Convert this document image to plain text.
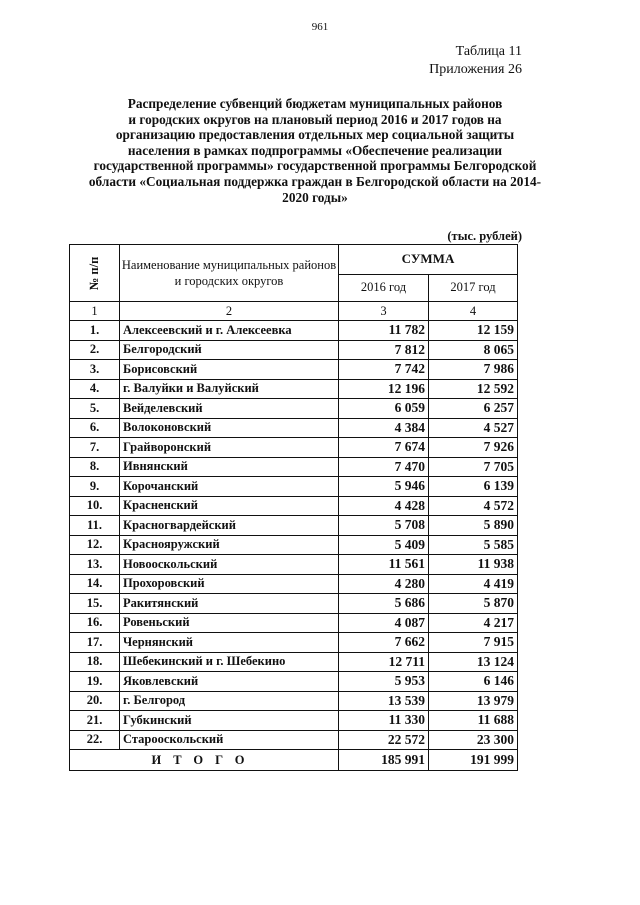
961
Таблица 11
Приложения 26
Распределение субвенций бюджетам муниципальных районов
и городских округов на плановый период 2016 и 2017 годов на
организацию предоставления отдельных мер социальной защиты
населения в рамках подпрограммы «Обеспечение реализации
государственной программы» государственной программы Белгородской
области «Социальная поддержка граждан в Белгородской области на 2014-
2020 годы»
(тыс. рублей)
№ п/п	Наименование муниципальных районов и городских округов	СУММА	
		2016 год	2017 год
1	2	3	4
1.	Алексеевский и г. Алексеевка	11 782	12 159
2.	Белгородский	7 812	8 065
3.	Борисовский	7 742	7 986
4.	г. Валуйки и Валуйский	12 196	12 592
5.	Вейделевский	6 059	6 257
6.	Волоконовский	4 384	4 527
7.	Грайворонский	7 674	7 926
8.	Ивнянский	7 470	7 705
9.	Корочанский	5 946	6 139
10.	Красненский	4 428	4 572
11.	Красногвардейский	5 708	5 890
12.	Краснояружский	5 409	5 585
13.	Новооскольский	11 561	11 938
14.	Прохоровский	4 280	4 419
15.	Ракитянский	5 686	5 870
16.	Ровеньский	4 087	4 217
17.	Чернянский	7 662	7 915
18.	Шебекинский и г. Шебекино	12 711	13 124
19.	Яковлевский	5 953	6 146
20.	г. Белгород	13 539	13 979
21.	Губкинский	11 330	11 688
22.	Старооскольский	22 572	23 300
ИТОГО		185 991	191 999
